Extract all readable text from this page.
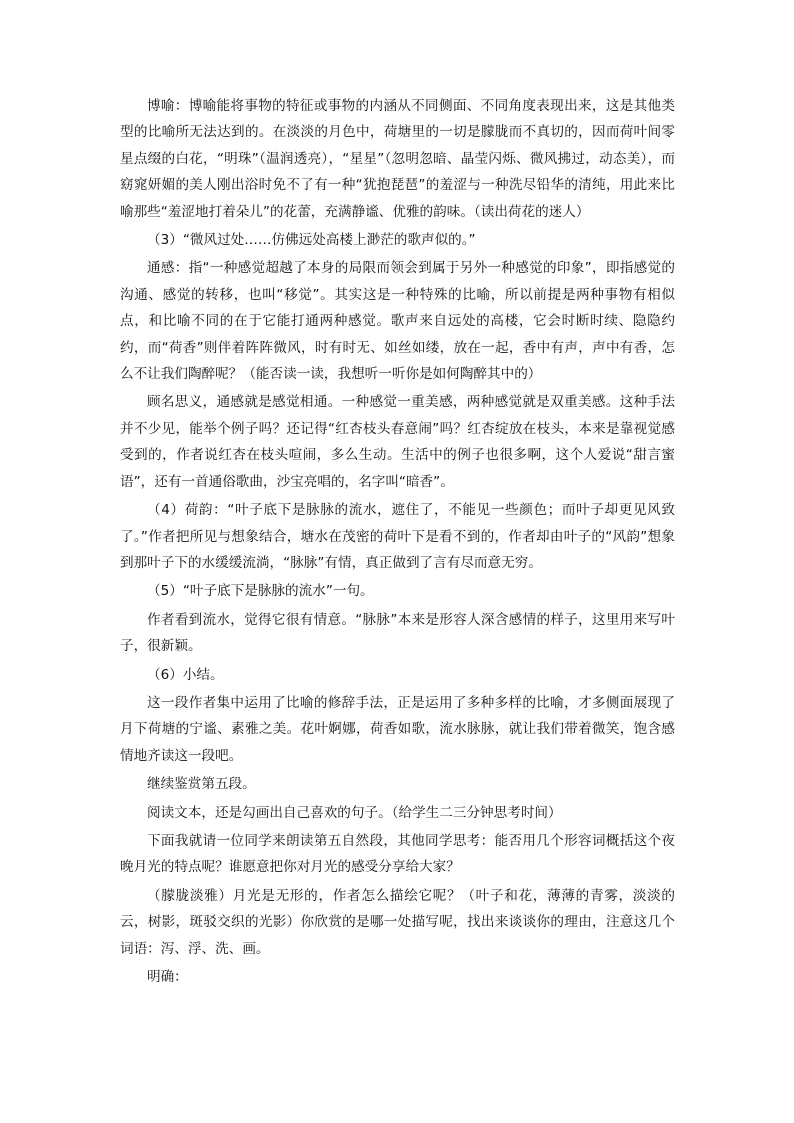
博喻：博喻能将事物的特征或事物的内涵从不同侧面、不同角度表现出来，这是其他类型的比喻所无法达到的。在淡淡的月色中，荷塘里的一切是朦胧而不真切的，因而荷叶间零星点缀的白花，“明珠”（温润透亮），“星星”（忽明忽暗、晶莹闪烁、微风拂过，动态美），而窈窕妍媚的美人刚出浴时免不了有一种“犹抱琵琶”的羞涩与一种洗尽铅华的清纯，用此来比喻那些“羞涩地打着朵儿”的花蕾，充满静谧、优雅的韵味。（读出荷花的迷人）

（3）“微风过处……仿佛远处高楼上渺茫的歌声似的。”

通感：指“一种感觉超越了本身的局限而领会到属于另外一种感觉的印象”，即指感觉的沟通、感觉的转移，也叫“移觉”。其实这是一种特殊的比喻，所以前提是两种事物有相似点，和比喻不同的在于它能打通两种感觉。歌声来自远处的高楼，它会时断时续、隐隐约约，而“荷香”则伴着阵阵微风，时有时无、如丝如缕，放在一起，香中有声，声中有香，怎么不让我们陶醉呢？（能否读一读，我想听一听你是如何陶醉其中的）

顾名思义，通感就是感觉相通。一种感觉一重美感，两种感觉就是双重美感。这种手法并不少见，能举个例子吗？还记得“红杏枝头春意闹”吗？红杏绽放在枝头，本来是靠视觉感受到的，作者说红杏在枝头喧闹，多么生动。生活中的例子也很多啊，这个人爱说“甜言蜜语”，还有一首通俗歌曲，沙宝亮唱的，名字叫“暗香”。

（4）荷韵：“叶子底下是脉脉的流水，遮住了，不能见一些颜色；而叶子却更见风致了。”作者把所见与想象结合，塘水在茂密的荷叶下是看不到的，作者却由叶子的“风韵”想象到那叶子下的水缓缓流淌，“脉脉”有情，真正做到了言有尽而意无穷。

（5）“叶子底下是脉脉的流水”一句。

作者看到流水，觉得它很有情意。“脉脉”本来是形容人深含感情的样子，这里用来写叶子，很新颖。

（6）小结。

这一段作者集中运用了比喻的修辞手法，正是运用了多种多样的比喻，才多侧面展现了月下荷塘的宁谧、素雅之美。花叶婀娜，荷香如歌，流水脉脉，就让我们带着微笑，饱含感情地齐读这一段吧。

继续鉴赏第五段。

阅读文本，还是勾画出自己喜欢的句子。（给学生二三分钟思考时间）

下面我就请一位同学来朗读第五自然段，其他同学思考：能否用几个形容词概括这个夜晚月光的特点呢？谁愿意把你对月光的感受分享给大家？

（朦胧淡雅）月光是无形的，作者怎么描绘它呢？（叶子和花，薄薄的青雾，淡淡的云，树影，斑驳交织的光影）你欣赏的是哪一处描写呢，找出来谈谈你的理由，注意这几个词语：泻、浮、洗、画。

明确：
